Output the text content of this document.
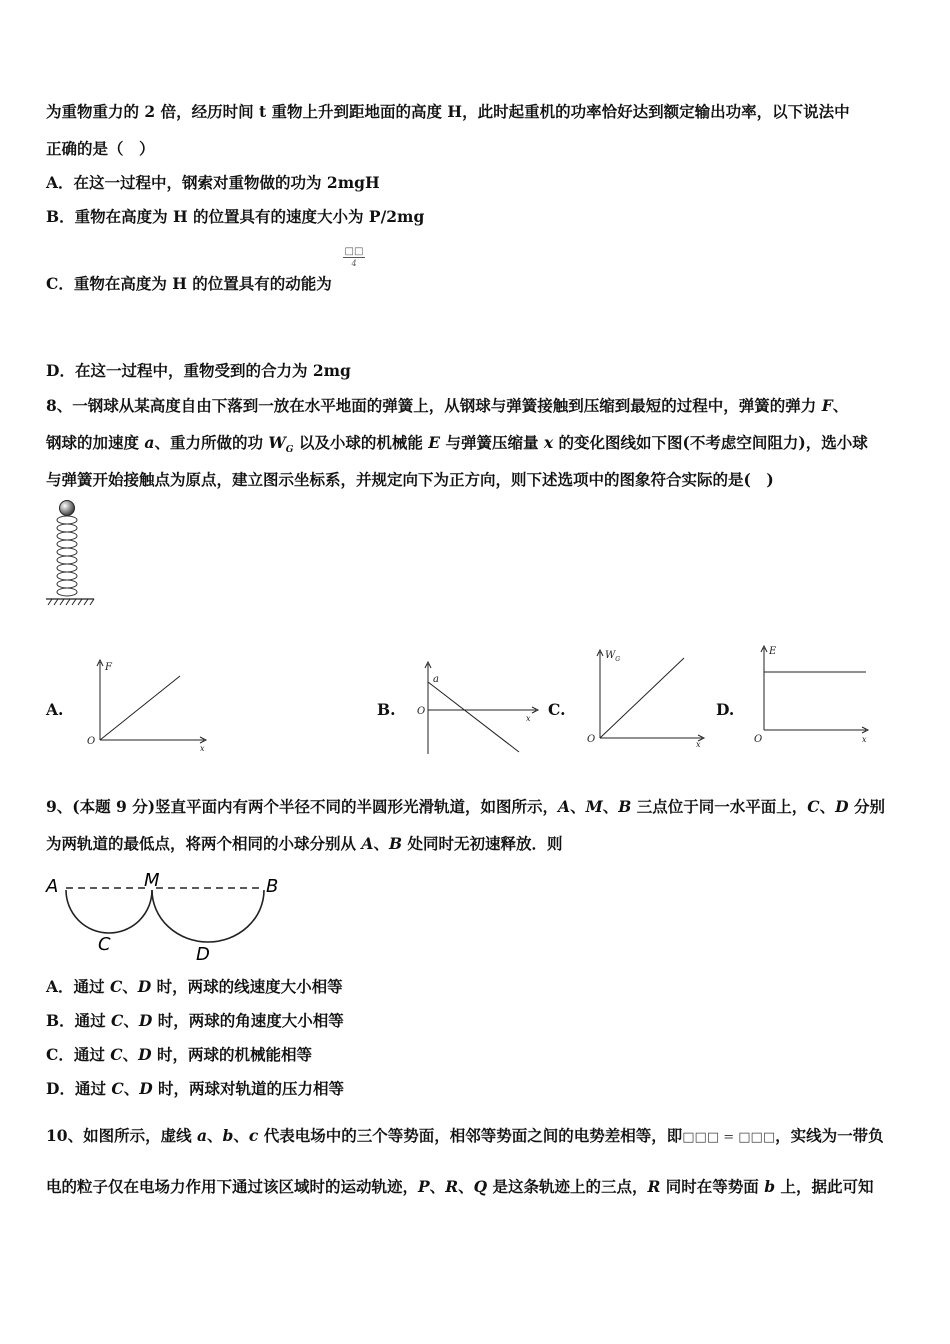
为重物重力的 2 倍，经历时间 t 重物上升到距地面的高度 H，此时起重机的功率恰好达到额定输出功率，以下说法中
正确的是（　）
A．在这一过程中，钢索对重物做的功为 2mgH
B．重物在高度为 H 的位置具有的速度大小为 P/2mg
C．重物在高度为 H 的位置具有的动能为
□□
4
D．在这一过程中，重物受到的合力为 2mg
8、一钢球从某高度自由下落到一放在水平地面的弹簧上，从钢球与弹簧接触到压缩到最短的过程中，弹簧的弹力 F、
钢球的加速度 a、重力所做的功 $W_G$ 以及小球的机械能 E 与弹簧压缩量 x 的变化图线如下图(不考虑空间阻力)，选小球
与弹簧开始接触点为原点，建立图示坐标系，并规定向下为正方向，则下述选项中的图象符合实际的是(　)
A.	B.	C.	D.
F
O
x
a
O
x
$W_G$
O	x
E
O	x
9、(本题 9 分)竖直平面内有两个半径不同的半圆形光滑轨道，如图所示，A、M、B 三点位于同一水平面上，C、D 分别
为两轨道的最低点，将两个相同的小球分别从 A、B 处同时无初速释放．则
A	M	B
C	D
A．通过 C、D 时，两球的线速度大小相等
B．通过 C、D 时，两球的角速度大小相等
C．通过 C、D 时，两球的机械能相等
D．通过 C、D 时，两球对轨道的压力相等
10、如图所示，虚线 a、b、c 代表电场中的三个等势面，相邻等势面之间的电势差相等，即□□□ = □□□，实线为一带负
电的粒子仅在电场力作用下通过该区域时的运动轨迹，P、R、Q 是这条轨迹上的三点，R 同时在等势面 b 上，据此可知
